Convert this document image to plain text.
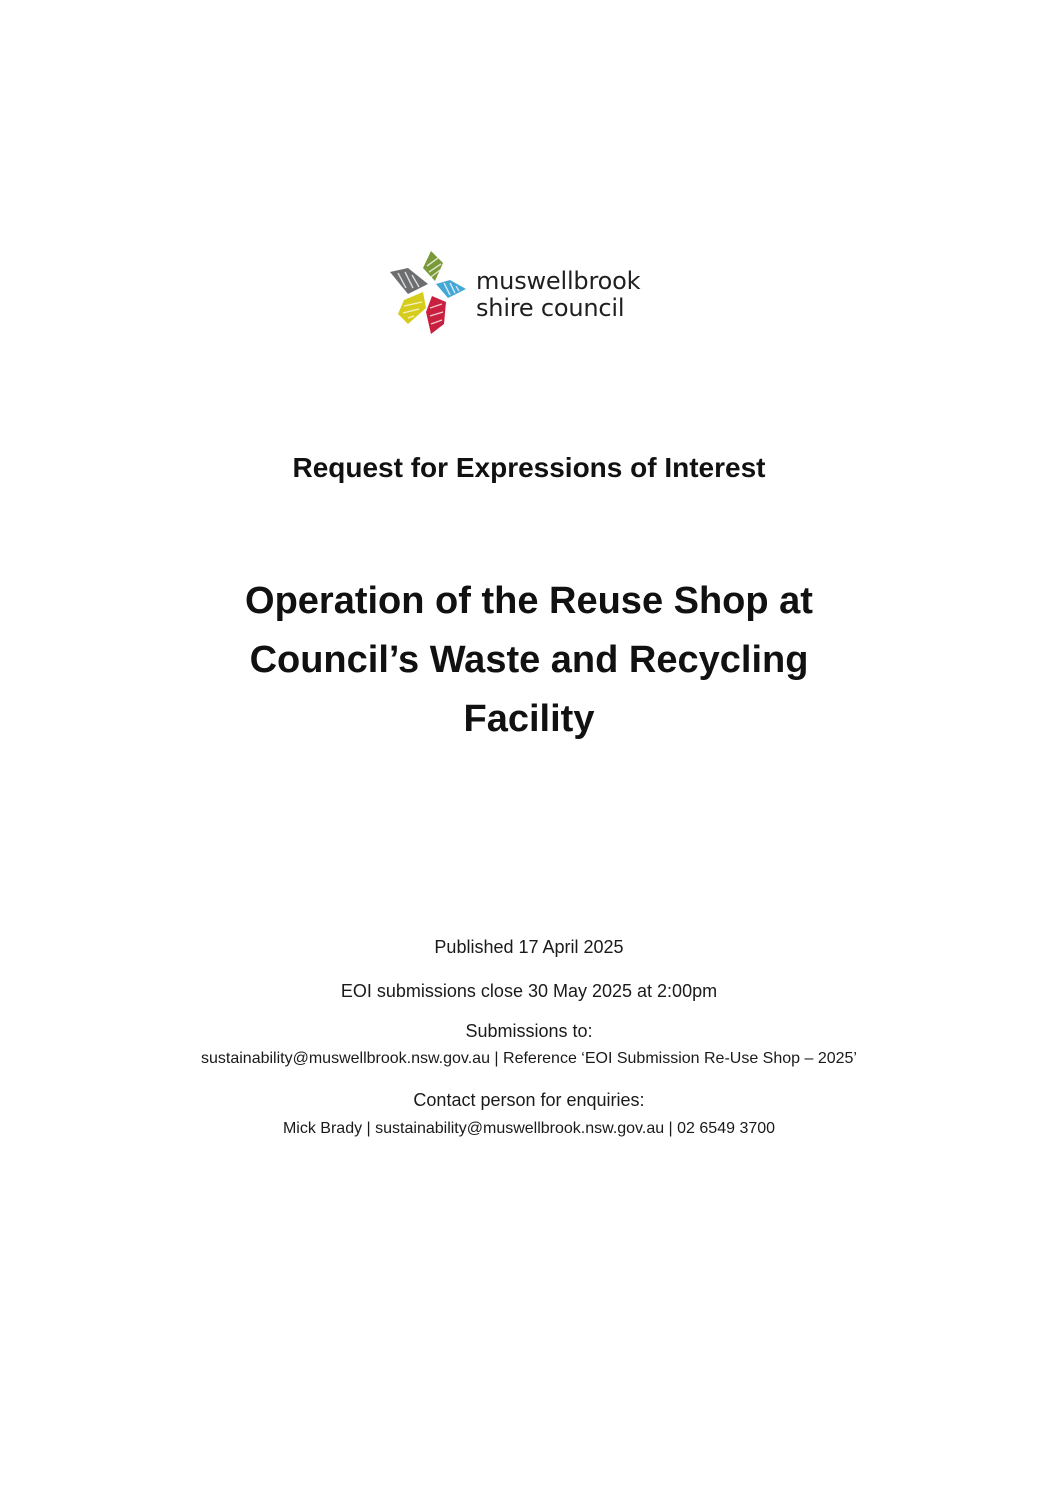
muswellbrook
shire council
Request for Expressions of Interest
Operation of the Reuse Shop at
Council’s Waste and Recycling
Facility
Published 17 April 2025
EOI submissions close 30 May 2025 at 2:00pm
Submissions to:
sustainability@muswellbrook.nsw.gov.au | Reference ‘EOI Submission Re-Use Shop – 2025’
Contact person for enquiries:
Mick Brady | sustainability@muswellbrook.nsw.gov.au | 02 6549 3700
